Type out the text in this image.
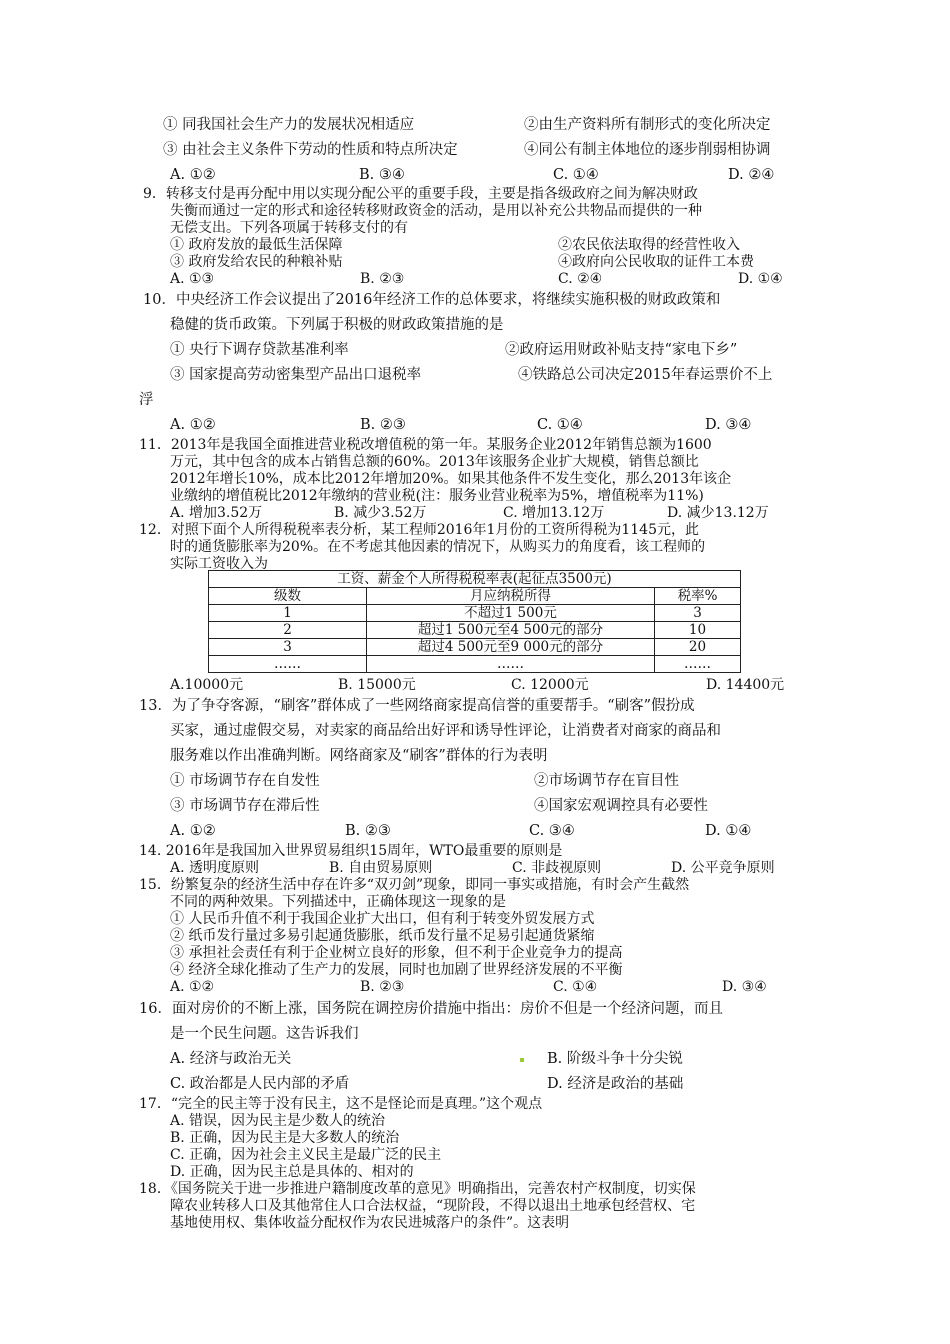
① 同我国社会生产力的发展状况相适应	②由生产资料所有制形式的变化所决定
③ 由社会主义条件下劳动的性质和特点所决定	④同公有制主体地位的逐步削弱相协调
A. ①②	B. ③④	C. ①④	D. ②④
9．转移支付是再分配中用以实现分配公平的重要手段，主要是指各级政府之间为解决财政
失衡而通过一定的形式和途径转移财政资金的活动，是用以补充公共物品而提供的一种
无偿支出。下列各项属于转移支付的有
① 政府发放的最低生活保障	②农民依法取得的经营性收入
③ 政府发给农民的种粮补贴	④政府向公民收取的证件工本费
A. ①③	B. ②③	C. ②④	D. ①④
10．中央经济工作会议提出了2016年经济工作的总体要求，将继续实施积极的财政政策和
稳健的货币政策。下列属于积极的财政政策措施的是
① 央行下调存贷款基准利率	②政府运用财政补贴支持“家电下乡”
③ 国家提高劳动密集型产品出口退税率	④铁路总公司决定2015年春运票价不上
浮
A. ①②	B. ②③	C. ①④	D. ③④
11．2013年是我国全面推进营业税改增值税的第一年。某服务企业2012年销售总额为1600
万元，其中包含的成本占销售总额的60%。2013年该服务企业扩大规模，销售总额比
2012年增长10%，成本比2012年增加20%。如果其他条件不发生变化，那么2013年该企
业缴纳的增值税比2012年缴纳的营业税(注：服务业营业税率为5%，增值税率为11%)
A. 增加3.52万	B. 减少3.52万	C. 增加13.12万	D. 减少13.12万
12．对照下面个人所得税税率表分析，某工程师2016年1月份的工资所得税为1145元，此
时的通货膨胀率为20%。在不考虑其他因素的情况下，从购买力的角度看，该工程师的
实际工资收入为
工资、薪金个人所得税税率表(起征点3500元)		
级数	月应纳税所得	税率%
1	不超过1 500元	3
2	超过1 500元至4 500元的部分	10
3	超过4 500元至9 000元的部分	20
……	……	……
A.10000元	B. 15000元	C. 12000元	D. 14400元
13．为了争夺客源，“刷客”群体成了一些网络商家提高信誉的重要帮手。“刷客”假扮成
买家，通过虚假交易，对卖家的商品给出好评和诱导性评论，让消费者对商家的商品和
服务难以作出准确判断。网络商家及“刷客”群体的行为表明
① 市场调节存在自发性	②市场调节存在盲目性
③ 市场调节存在滞后性	④国家宏观调控具有必要性
A. ①②	B. ②③	C. ③④	D. ①④
14. 2016年是我国加入世界贸易组织15周年，WTO最重要的原则是
A. 透明度原则	B. 自由贸易原则	C. 非歧视原则	D. 公平竞争原则
15．纷繁复杂的经济生活中存在许多“双刃剑”现象，即同一事实或措施，有时会产生截然
不同的两种效果。下列描述中，正确体现这一现象的是
① 人民币升值不利于我国企业扩大出口，但有利于转变外贸发展方式
② 纸币发行量过多易引起通货膨胀，纸币发行量不足易引起通货紧缩
③ 承担社会责任有利于企业树立良好的形象，但不利于企业竞争力的提高
④ 经济全球化推动了生产力的发展，同时也加剧了世界经济发展的不平衡
A. ①②	B. ②③	C. ①④	D. ③④
16．面对房价的不断上涨，国务院在调控房价措施中指出：房价不但是一个经济问题，而且
是一个民生问题。这告诉我们
A. 经济与政治无关	B. 阶级斗争十分尖锐
C. 政治都是人民内部的矛盾	D. 经济是政治的基础
17．“完全的民主等于没有民主，这不是怪论而是真理。”这个观点
A. 错误，因为民主是少数人的统治
B. 正确，因为民主是大多数人的统治
C. 正确，因为社会主义民主是最广泛的民主
D. 正确，因为民主总是具体的、相对的
18．《国务院关于进一步推进户籍制度改革的意见》明确指出，完善农村产权制度，切实保
障农业转移人口及其他常住人口合法权益，“现阶段，不得以退出土地承包经营权、宅
基地使用权、集体收益分配权作为农民进城落户的条件”。这表明
